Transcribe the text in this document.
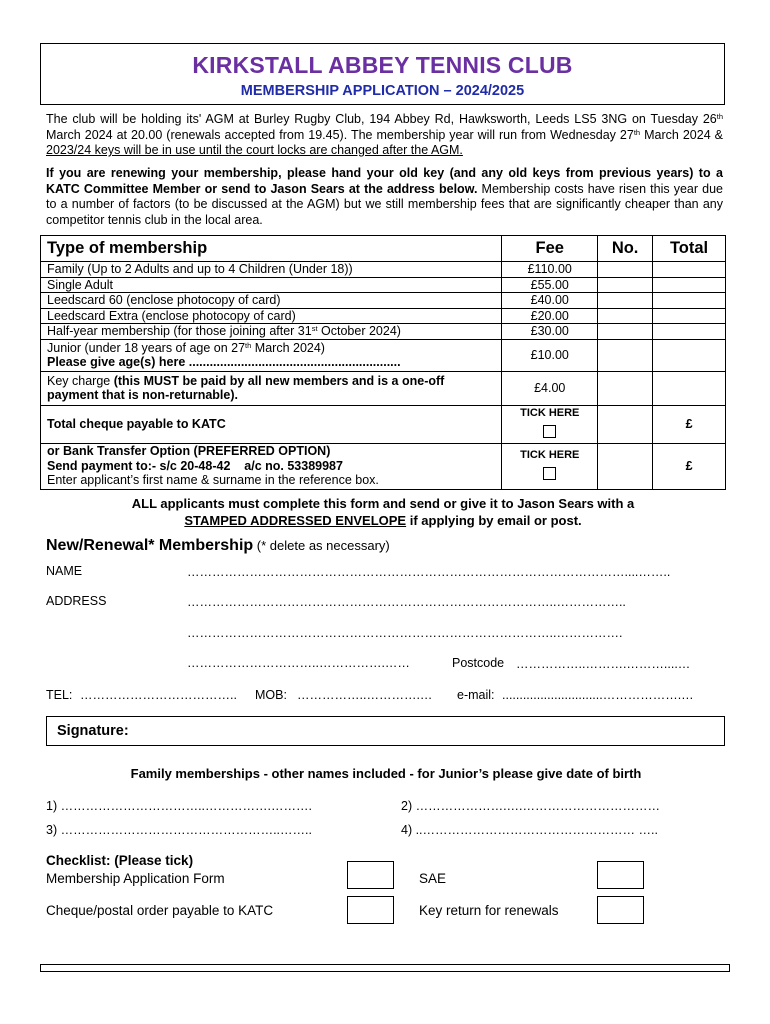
KIRKSTALL ABBEY TENNIS CLUB
MEMBERSHIP APPLICATION – 2024/2025
The club will be holding its' AGM at Burley Rugby Club, 194 Abbey Rd, Hawksworth, Leeds LS5 3NG on Tuesday 26th March 2024 at 20.00 (renewals accepted from 19.45). The membership year will run from Wednesday 27th March 2024 & 2023/24 keys will be in use until the court locks are changed after the AGM.
If you are renewing your membership, please hand your old key (and any old keys from previous years) to a KATC Committee Member or send to Jason Sears at the address below. Membership costs have risen this year due to a number of factors (to be discussed at the AGM) but we still membership fees that are significantly cheaper than any competitor tennis club in the local area.
Type of membership	Fee	No.	Total
Family (Up to 2 Adults and up to 4 Children (Under 18))	£110.00		
Single Adult	£55.00		
Leedscard 60 (enclose photocopy of card)	£40.00		
Leedscard Extra (enclose photocopy of card)	£20.00		
Half-year membership (for those joining after 31st October 2024)	£30.00		
Junior (under 18 years of age on 27th March 2024)
Please give age(s) here .............................................................	£10.00		
Key charge (this MUST be paid by all new members and is a one-off payment that is non-returnable).	£4.00		
Total cheque payable to KATC	TICK HERE		£
or Bank Transfer Option (PREFERRED OPTION)
Send payment to:- s/c 20-48-42    a/c no. 53389987
Enter applicant’s first name & surname in the reference box.	TICK HERE		£
ALL applicants must complete this form and send or give it to Jason Sears with a
STAMPED ADDRESSED ENVELOPE if applying by email or post.
New/Renewal* Membership (* delete as necessary)
NAME	……………………………………………………………………………………………....……..
ADDRESS	……………………………………………………………………………..……………..
……………………………………………………………………………..…………….
…………………………..…………….……	Postcode ……………..……….………....…
TEL: ……………………………….. MOB: ……………..………….… e-mail: .............................……………….…
Signature:
Family memberships - other names included - for Junior’s please give date of birth
1) ……………………………..…………….……….	2) ………………….….……………………………
3) ……………………………………………..……..	4) ..…………………………………………… …..
Checklist: (Please tick)
Membership Application Form	SAE
Cheque/postal order payable to KATC	Key return for renewals
